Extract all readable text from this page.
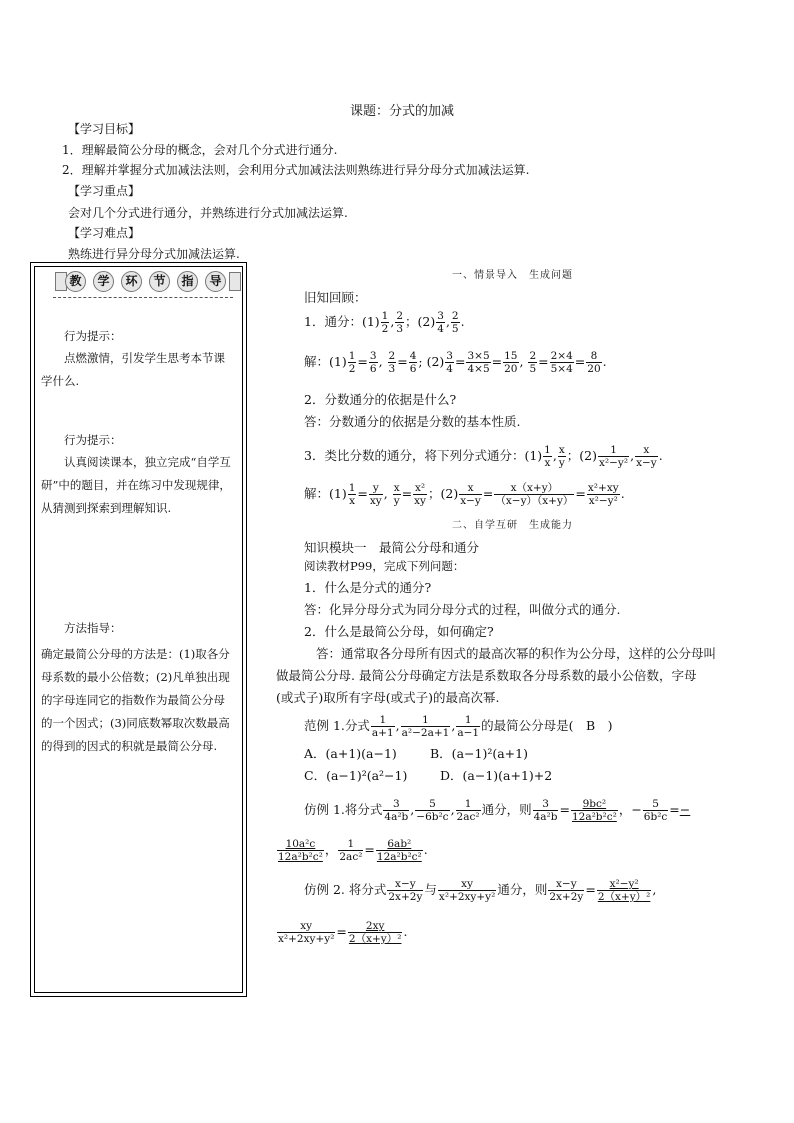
课题：分式的加减
【学习目标】
1．理解最简公分母的概念，会对几个分式进行通分.
2．理解并掌握分式加减法法则，会利用分式加减法法则熟练进行异分母分式加减法运算.
【学习重点】
会对几个分式进行通分，并熟练进行分式加减法运算.
【学习难点】
熟练进行异分母分式加减法运算.
教	学	环	节	指	导
行为提示：
点燃激情，引发学生思考本节课学什么.
行为提示：
认真阅读课本，独立完成“自学互研”中的题目，并在练习中发现规律，从猜测到探索到理解知识.
方法指导：
确定最简公分母的方法是：(1)取各分母系数的最小公倍数；(2)凡单独出现的字母连同它的指数作为最简公分母的一个因式；(3)同底数幂取次数最高的得到的因式的积就是最简公分母.
一、情景导入　生成问题
旧知回顾：
1．通分：$(1) \frac{1}{2}$ , $\frac{2}{3}$ ；$(2) \frac{3}{4}$ , $\frac{2}{5}$ .
解：$(1) \frac{1}{2} = \frac{3}{6}$ , $\frac{2}{3} = \frac{4}{6}$ ; $(2) \frac{3}{4} = \frac{3\times 5}{4\times 5} = \frac{15}{20}$ , $\frac{2}{5} = \frac{2\times 4}{5\times 4} = \frac{8}{20}$ .
2．分数通分的依据是什么?
答：分数通分的依据是分数的基本性质.
3．类比分数的通分，将下列分式通分：$(1) \frac{1}{x}$ , $\frac{x}{y}$ ；$(2) \frac{1}{\text{x²−y²}}$ , $\frac{x}{x-y}$ .
解：$(1) \frac{1}{x} = \frac{y}{xy}$ , $\frac{x}{y} = \frac{\text{x²}}{xy}$ ；$(2) \frac{x}{x-y} = \frac{x(x+y)}{(x-y)(x+y)} = \frac{\text{x²+xy}}{\text{x²−y²}}$ .
二、自学互研　生成能力
知识模块一　最简公分母和通分
阅读教材P99，完成下列问题：
1．什么是分式的通分?
答：化异分母分式为同分母分式的过程，叫做分式的通分.
2．什么是最简公分母，如何确定?
答：通常取各分母所有因式的最高次幂的积作为公分母，这样的公分母叫
做最简公分母. 最简公分母确定方法是系数取各分母系数的最小公倍数，字母
(或式子)取所有字母(或式子)的最高次幂.
范例 1.分式 $\frac{1}{a+1}$ , $\frac{1}{\text{a²−2a+1}}$ , $\frac{1}{a-1}$ 的最简公分母是(　B　)
A．(a+1)(a−1)	B．(a−1)²(a+1)
C．(a−1)²(a²−1)	D．(a−1)(a+1)+2
仿例 1.将分式 $\frac{3}{\text{4a²b}}$ , $\frac{5}{\text{−6b²c}}$ , $\frac{1}{\text{2ac²}}$ 通分，则 $\frac{3}{\text{4a²b}} = \frac{\text{9bc²}}{\text{12a²b²c²}}$ ，− $\frac{5}{\text{6b²c}}$ =−
$\frac{\text{10a²c}}{\text{12a²b²c²}}$ ， $\frac{1}{\text{2ac²}} = \frac{\text{6ab²}}{\text{12a²b²c²}}$ .
仿例 2. 将分式 $\frac{x-y}{2x+2y}$ 与 $\frac{xy}{\text{x²+2xy+y²}}$ 通分，则 $\frac{x-y}{2x+2y} = \frac{\text{x²−y²}}{\text{2（x+y）²}}$ ,
$\frac{xy}{\text{x²+2xy+y²}} = \frac{2xy}{\text{2（x+y）²}}$ .
